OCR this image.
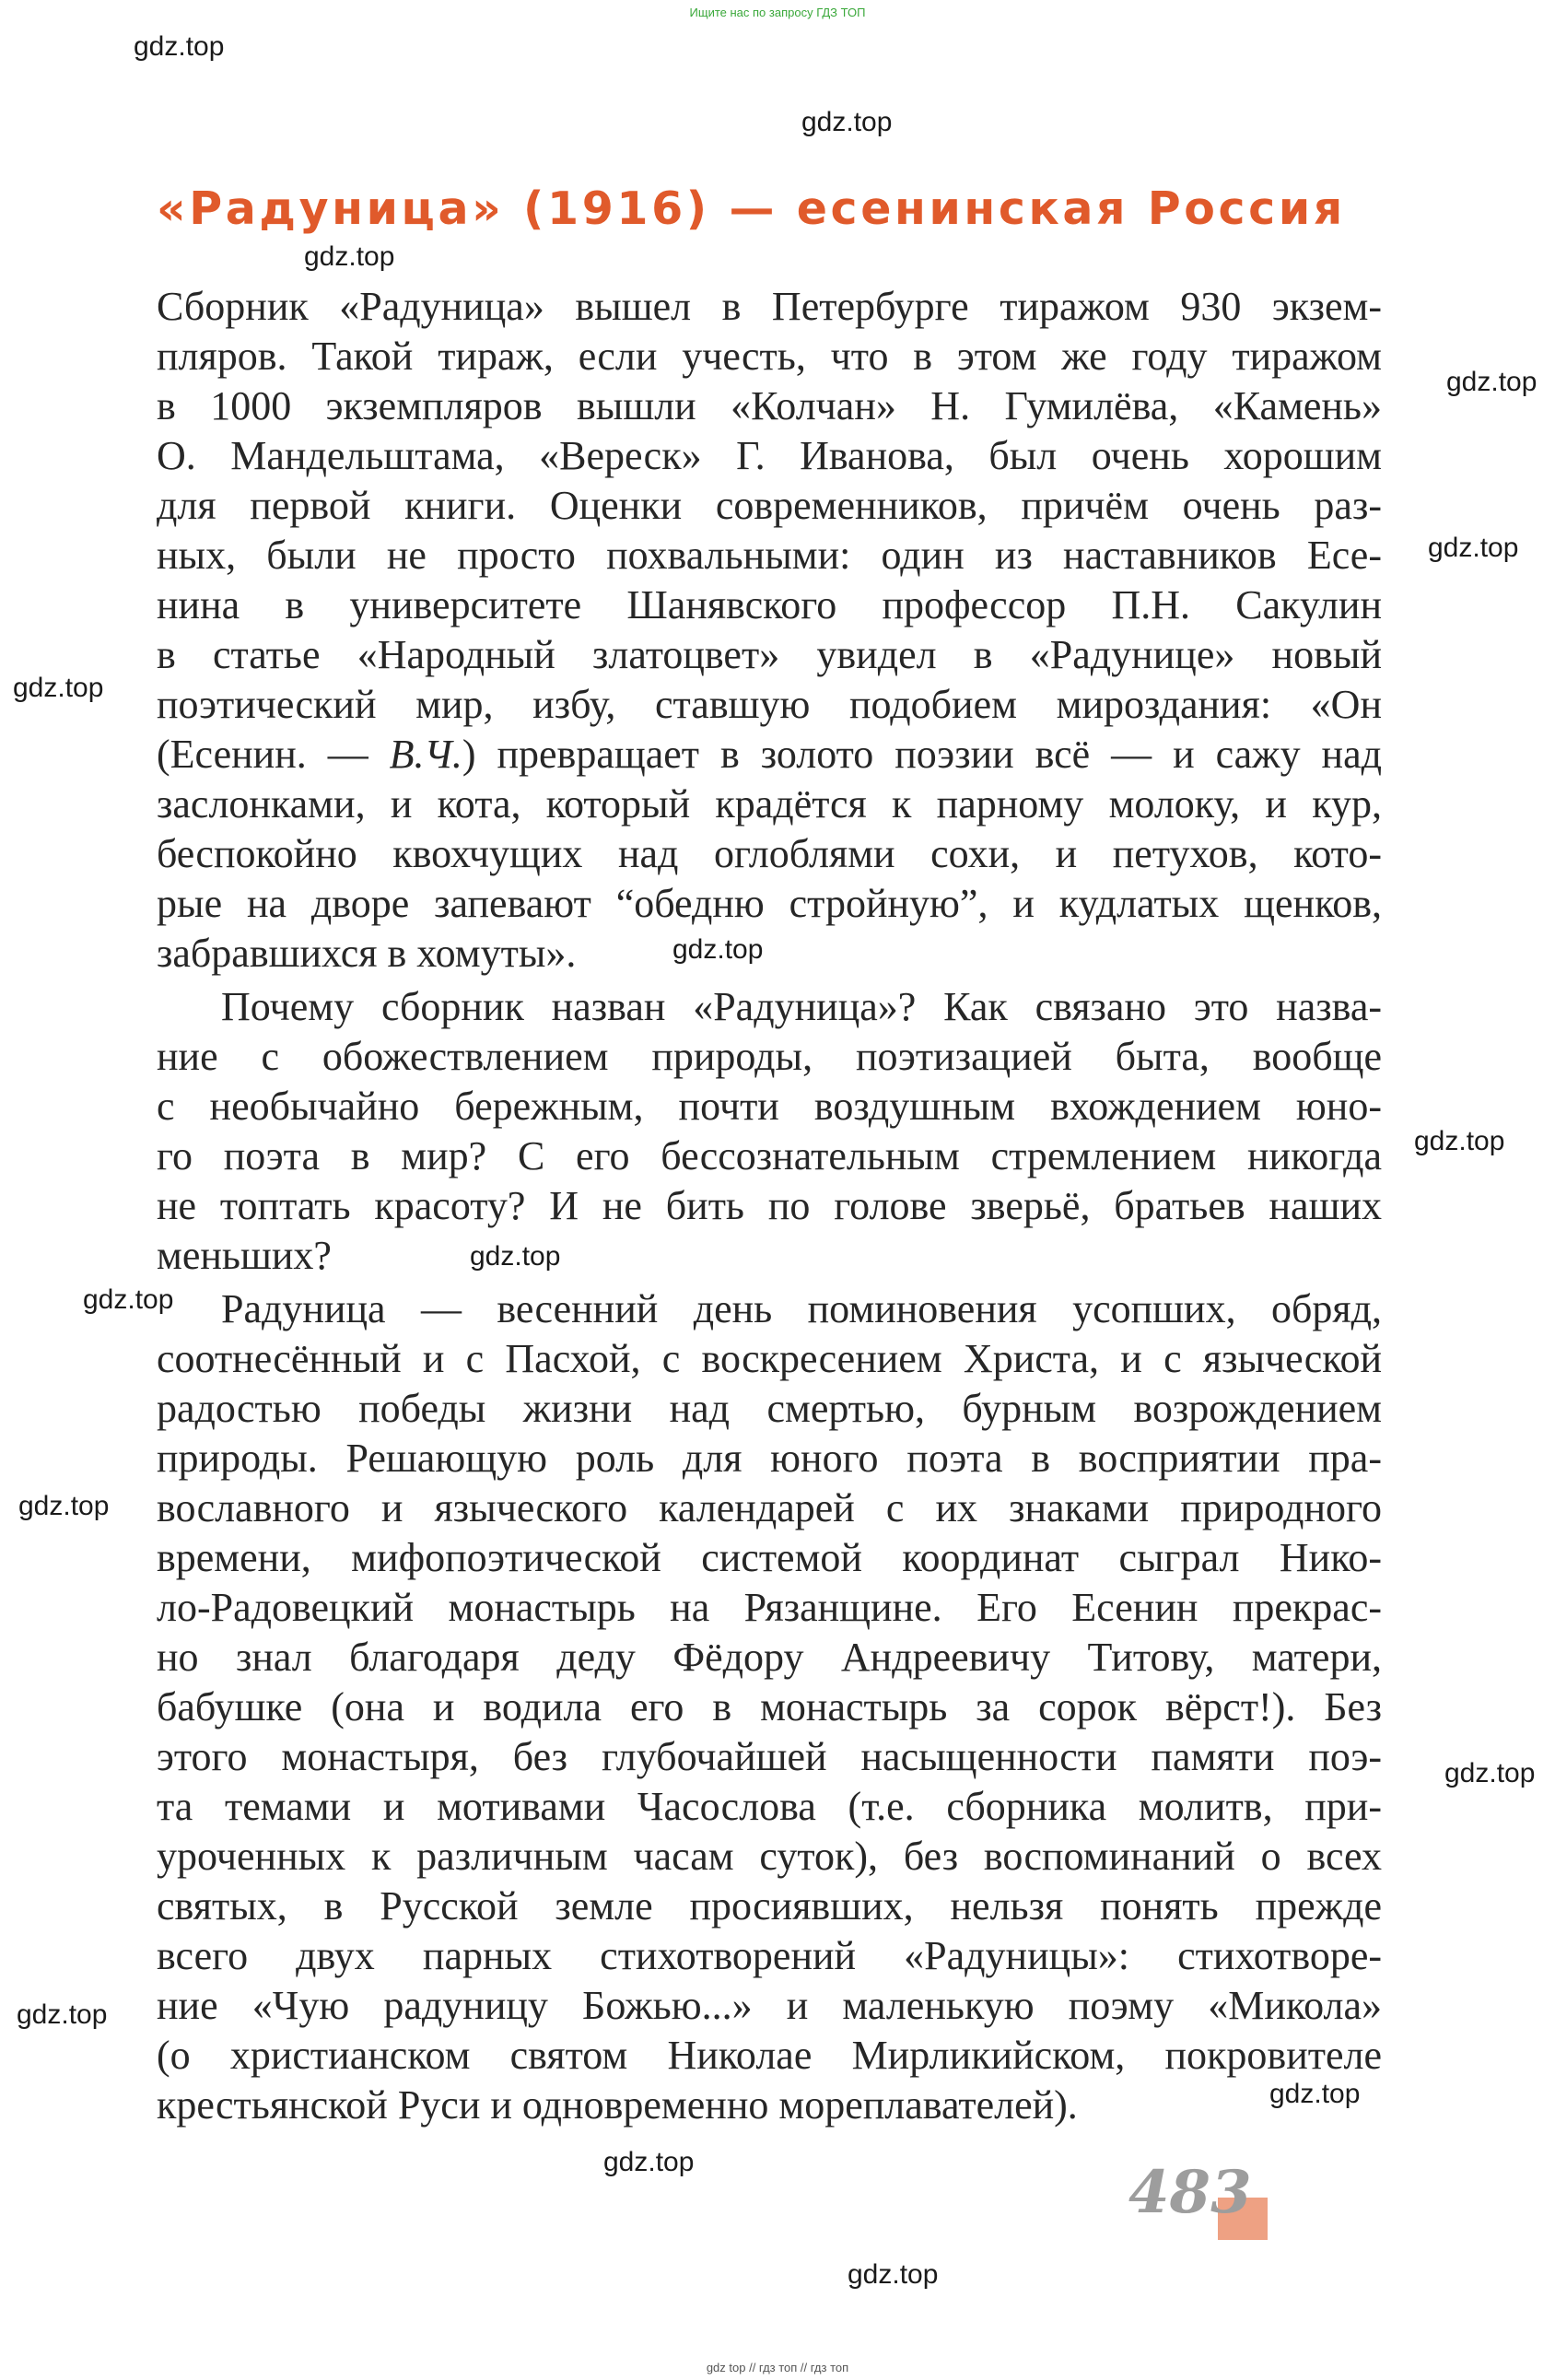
Ищите нас по запросу ГДЗ ТОП
«Радуница» (1916) — есенинская Россия
Сборник «Радуница» вышел в Петербурге тиражом 930 экзем-
пляров. Такой тираж, если учесть, что в этом же году тиражом
в 1000 экземпляров вышли «Колчан» Н. Гумилёва, «Камень»
О. Мандельштама, «Вереск» Г. Иванова, был очень хорошим
для первой книги. Оценки современников, причём очень раз-
ных, были не просто похвальными: один из наставников Есе-
нина в университете Шанявского профессор П.Н. Сакулин
в статье «Народный златоцвет» увидел в «Радунице» новый
поэтический мир, избу, ставшую подобием мироздания: «Он
(Есенин. — В.Ч.) превращает в золото поэзии всё — и сажу над
заслонками, и кота, который крадётся к парному молоку, и кур,
беспокойно квохчущих над оглоблями сохи, и петухов, кото-
рые на дворе запевают “обедню стройную”, и кудлатых щенков,
забравшихся в хомуты».
Почему сборник назван «Радуница»? Как связано это назва-
ние с обожествлением природы, поэтизацией быта, вообще
с необычайно бережным, почти воздушным вхождением юно-
го поэта в мир? С его бессознательным стремлением никогда
не топтать красоту? И не бить по голове зверьё, братьев наших
меньших?
Радуница — весенний день поминовения усопших, обряд,
соотнесённый и с Пасхой, с воскресением Христа, и с языческой
радостью победы жизни над смертью, бурным возрождением
природы. Решающую роль для юного поэта в восприятии пра-
вославного и языческого календарей с их знаками природного
времени, мифопоэтической системой координат сыграл Нико-
ло-Радовецкий монастырь на Рязанщине. Его Есенин прекрас-
но знал благодаря деду Фёдору Андреевичу Титову, матери,
бабушке (она и водила его в монастырь за сорок вёрст!). Без
этого монастыря, без глубочайшей насыщенности памяти поэ-
та темами и мотивами Часослова (т.е. сборника молитв, при-
уроченных к различным часам суток), без воспоминаний о всех
святых, в Русской земле просиявших, нельзя понять прежде
всего двух парных стихотворений «Радуницы»: стихотворе-
ние «Чую радуницу Божью...» и маленькую поэму «Микола»
(о христианском святом Николае Мирликийском, покровителе
крестьянской Руси и одновременно мореплавателей).
gdz.top
gdz.top
gdz.top
gdz.top
gdz.top
gdz.top
gdz.top
gdz.top
gdz.top
gdz.top
gdz.top
gdz.top
gdz.top
gdz.top
gdz.top
gdz.top
483
gdz top // гдз топ // гдз топ
